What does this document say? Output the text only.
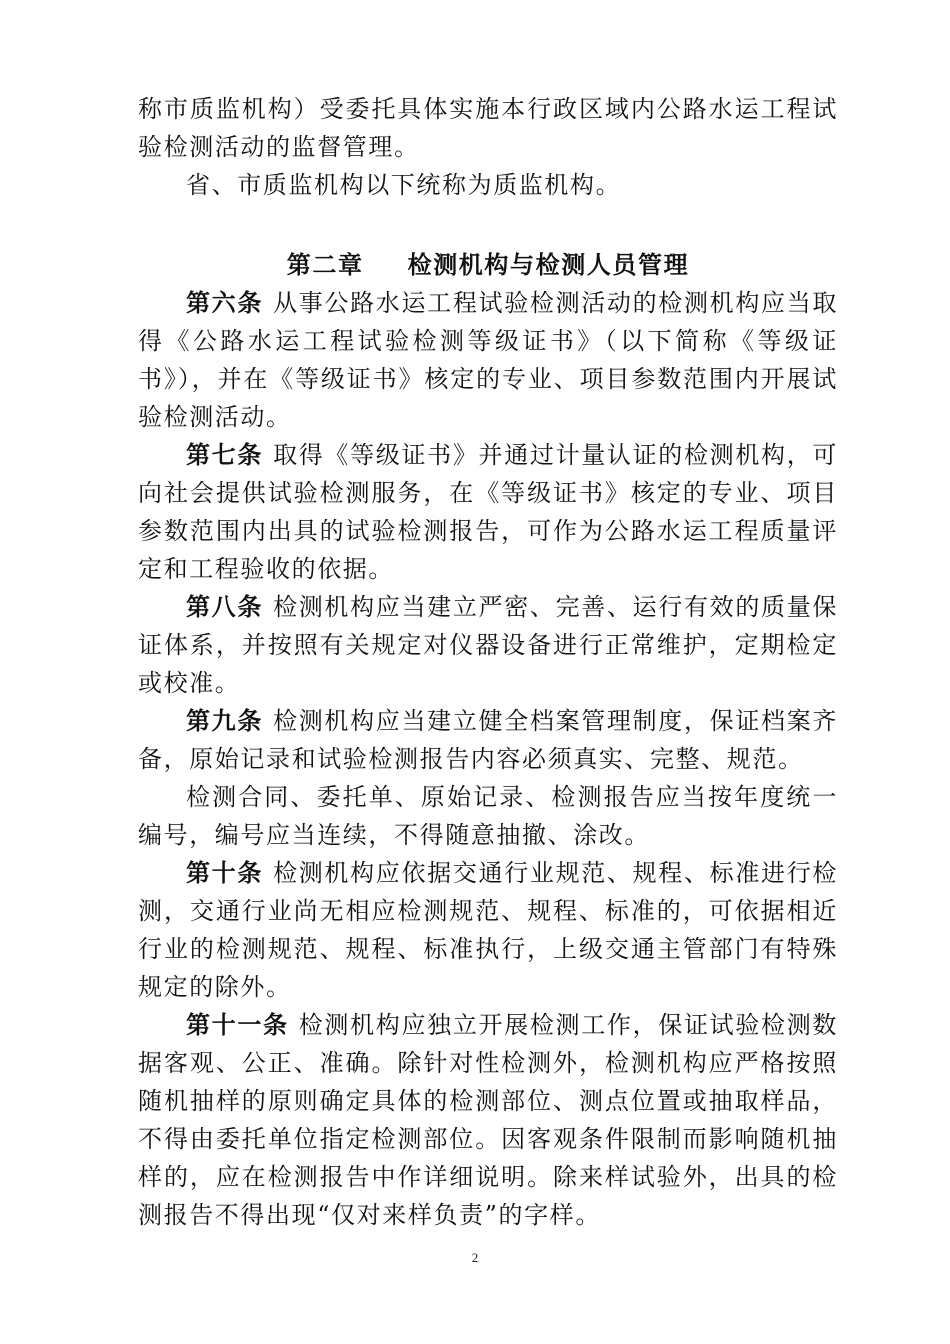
称市质监机构）受委托具体实施本行政区域内公路水运工程试验检测活动的监督管理。

省、市质监机构以下统称为质监机构。

第二章 检测机构与检测人员管理

第六条 从事公路水运工程试验检测活动的检测机构应当取得《公路水运工程试验检测等级证书》（以下简称《等级证书》），并在《等级证书》核定的专业、项目参数范围内开展试验检测活动。

第七条 取得《等级证书》并通过计量认证的检测机构，可向社会提供试验检测服务，在《等级证书》核定的专业、项目参数范围内出具的试验检测报告，可作为公路水运工程质量评定和工程验收的依据。

第八条 检测机构应当建立严密、完善、运行有效的质量保证体系，并按照有关规定对仪器设备进行正常维护，定期检定或校准。

第九条 检测机构应当建立健全档案管理制度，保证档案齐备，原始记录和试验检测报告内容必须真实、完整、规范。

检测合同、委托单、原始记录、检测报告应当按年度统一编号，编号应当连续，不得随意抽撤、涂改。

第十条 检测机构应依据交通行业规范、规程、标准进行检测，交通行业尚无相应检测规范、规程、标准的，可依据相近行业的检测规范、规程、标准执行，上级交通主管部门有特殊规定的除外。

第十一条 检测机构应独立开展检测工作，保证试验检测数据客观、公正、准确。除针对性检测外，检测机构应严格按照随机抽样的原则确定具体的检测部位、测点位置或抽取样品，不得由委托单位指定检测部位。因客观条件限制而影响随机抽样的，应在检测报告中作详细说明。除来样试验外，出具的检测报告不得出现“仅对来样负责”的字样。

2
